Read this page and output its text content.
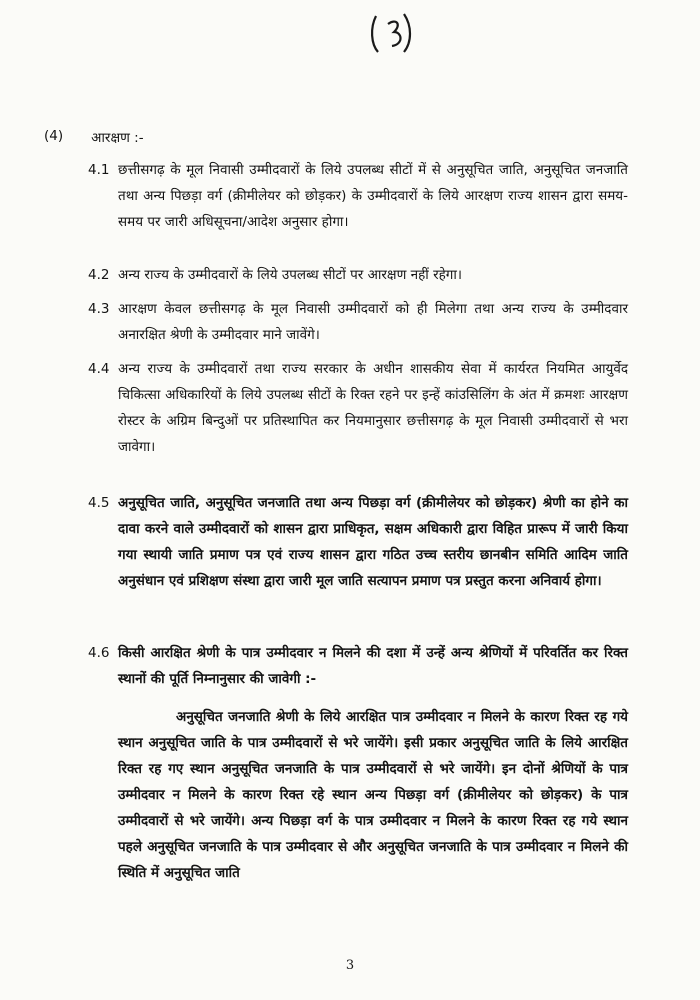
(4) आरक्षण :-
4.1 छत्तीसगढ़ के मूल निवासी उम्मीदवारों के लिये उपलब्ध सीटों में से अनुसूचित जाति, अनुसूचित जनजाति तथा अन्य पिछड़ा वर्ग (क्रीमीलेयर को छोड़कर) के उम्मीदवारों के लिये आरक्षण राज्य शासन द्वारा समय-समय पर जारी अधिसूचना/आदेश अनुसार होगा।
4.2 अन्य राज्य के उम्मीदवारों के लिये उपलब्ध सीटों पर आरक्षण नहीं रहेगा।
4.3 आरक्षण केवल छत्तीसगढ़ के मूल निवासी उम्मीदवारों को ही मिलेगा तथा अन्य राज्य के उम्मीदवार अनारक्षित श्रेणी के उम्मीदवार माने जावेंगे।
4.4 अन्य राज्य के उम्मीदवारों तथा राज्य सरकार के अधीन शासकीय सेवा में कार्यरत नियमित आयुर्वेद चिकित्सा अधिकारियों के लिये उपलब्ध सीटों के रिक्त रहने पर इन्हें कांउसिलिंग के अंत में क्रमशः आरक्षण रोस्टर के अग्रिम बिन्दुओं पर प्रतिस्थापित कर नियमानुसार छत्तीसगढ़ के मूल निवासी उम्मीदवारों से भरा जावेगा।
4.5 अनुसूचित जाति, अनुसूचित जनजाति तथा अन्य पिछड़ा वर्ग (क्रीमीलेयर को छोड़कर) श्रेणी का होने का दावा करने वाले उम्मीदवारों को शासन द्वारा प्राधिकृत, सक्षम अधिकारी द्वारा विहित प्रारूप में जारी किया गया स्थायी जाति प्रमाण पत्र एवं राज्य शासन द्वारा गठित उच्च स्तरीय छानबीन समिति आदिम जाति अनुसंधान एवं प्रशिक्षण संस्था द्वारा जारी मूल जाति सत्यापन प्रमाण पत्र प्रस्तुत करना अनिवार्य होगा।
4.6 किसी आरक्षित श्रेणी के पात्र उम्मीदवार न मिलने की दशा में उन्हें अन्य श्रेणियों में परिवर्तित कर रिक्त स्थानों की पूर्ति निम्नानुसार की जावेगी :-
अनुसूचित जनजाति श्रेणी के लिये आरक्षित पात्र उम्मीदवार न मिलने के कारण रिक्त रह गये स्थान अनुसूचित जाति के पात्र उम्मीदवारों से भरे जायेंगे। इसी प्रकार अनुसूचित जाति के लिये आरक्षित रिक्त रह गए स्थान अनुसूचित जनजाति के पात्र उम्मीदवारों से भरे जायेंगे। इन दोनों श्रेणियों के पात्र उम्मीदवार न मिलने के कारण रिक्त रहे स्थान अन्य पिछड़ा वर्ग (क्रीमीलेयर को छोड़कर) के पात्र उम्मीदवारों से भरे जायेंगे। अन्य पिछड़ा वर्ग के पात्र उम्मीदवार न मिलने के कारण रिक्त रह गये स्थान पहले अनुसूचित जनजाति के पात्र उम्मीदवार से और अनुसूचित जनजाति के पात्र उम्मीदवार न मिलने की स्थिति में अनुसूचित जाति
3
